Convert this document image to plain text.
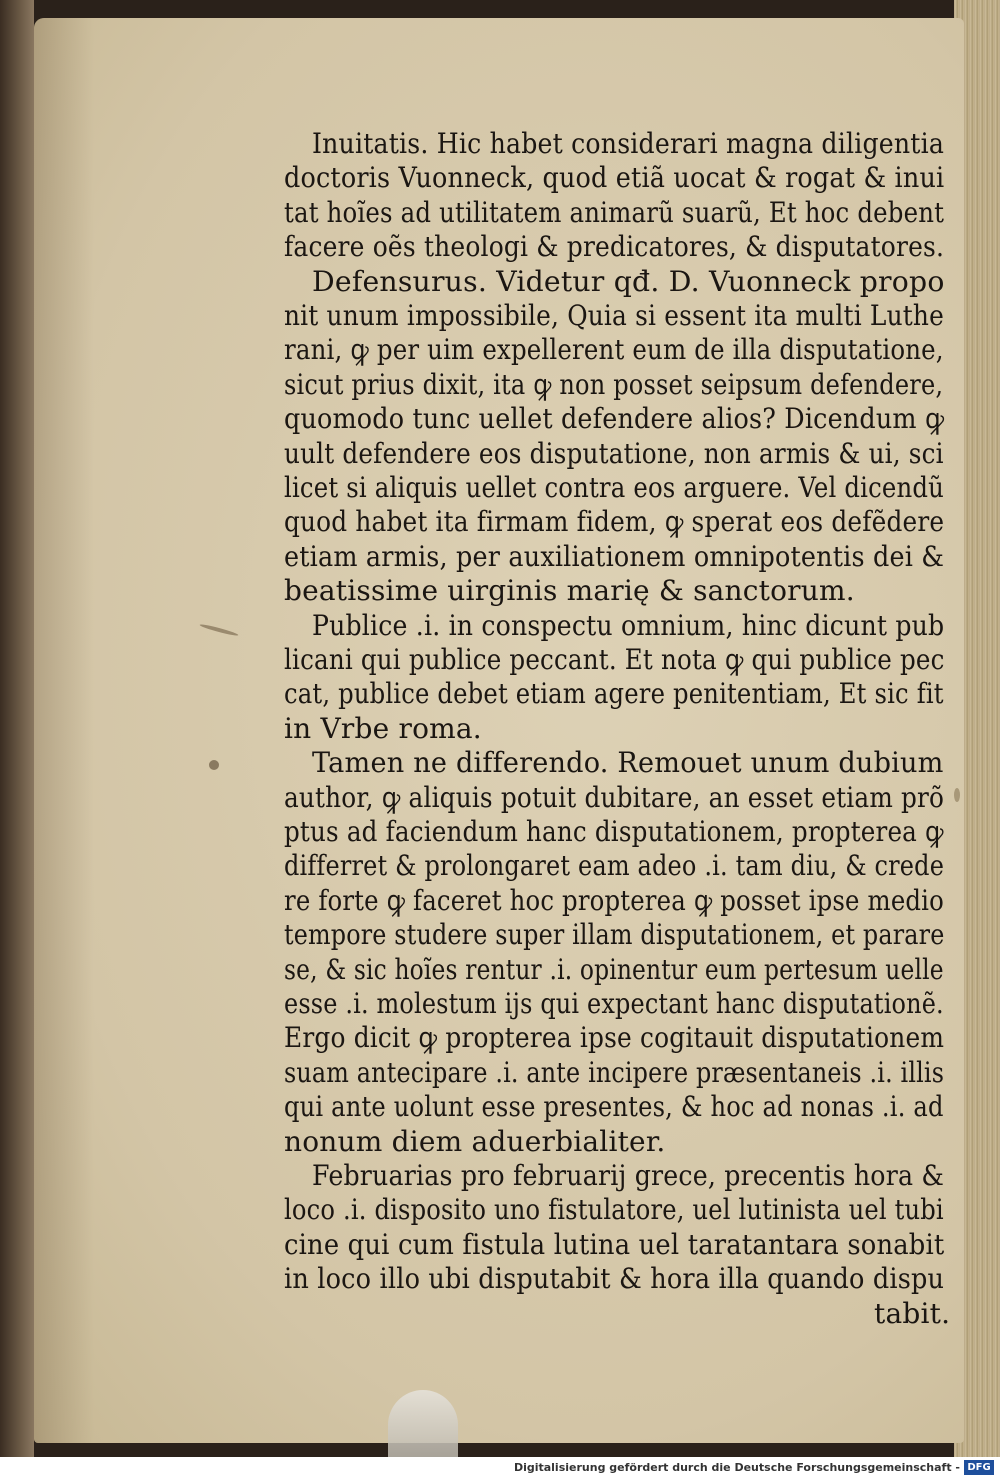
Inuitatis. Hic habet considerari magna diligentia
doctoris Vuonneck, quod etiã uocat & rogat & inui
tat hoĩes ad utilitatem animarũ suarũ, Et hoc debent
facere oẽs theologi & predicatores, & disputatores.
Defensurus. Videtur qđ. D. Vuonneck propo
nit unum impossibile, Quia si essent ita multi Luthe
rani, ꝙ per uim expellerent eum de illa disputatione,
sicut prius dixit, ita ꝙ non posset seipsum defendere,
quomodo tunc uellet defendere alios? Dicendum ꝙ
uult defendere eos disputatione, non armis & ui, sci
licet si aliquis uellet contra eos arguere. Vel dicendũ
quod habet ita firmam fidem, ꝙ sperat eos defẽdere
etiam armis, per auxiliationem omnipotentis dei &
beatissime uirginis marię & sanctorum.
Publice .i. in conspectu omnium, hinc dicunt pub
licani qui publice peccant. Et nota ꝙ qui publice pec
cat, publice debet etiam agere penitentiam, Et sic fit
in Vrbe roma.
Tamen ne differendo. Remouet unum dubium
author, ꝙ aliquis potuit dubitare, an esset etiam prõ
ptus ad faciendum hanc disputationem, propterea ꝙ
differret & prolongaret eam adeo .i. tam diu, & crede
re forte ꝙ faceret hoc propterea ꝙ posset ipse medio
tempore studere super illam disputationem, et parare
se, & sic hoĩes rentur .i. opinentur eum pertesum uelle
esse .i. molestum ijs qui expectant hanc disputationẽ.
Ergo dicit ꝙ propterea ipse cogitauit disputationem
suam antecipare .i. ante incipere præsentaneis .i. illis
qui ante uolunt esse presentes, & hoc ad nonas .i. ad
nonum diem aduerbialiter.
Februarias pro februarij grece, precentis hora &
loco .i. disposito uno fistulatore, uel lutinista uel tubi
cine qui cum fistula lutina uel taratantara sonabit
in loco illo ubi disputabit & hora illa quando dispu
tabit.
Digitalisierung gefördert durch die Deutsche Forschungsgemeinschaft - DFG
